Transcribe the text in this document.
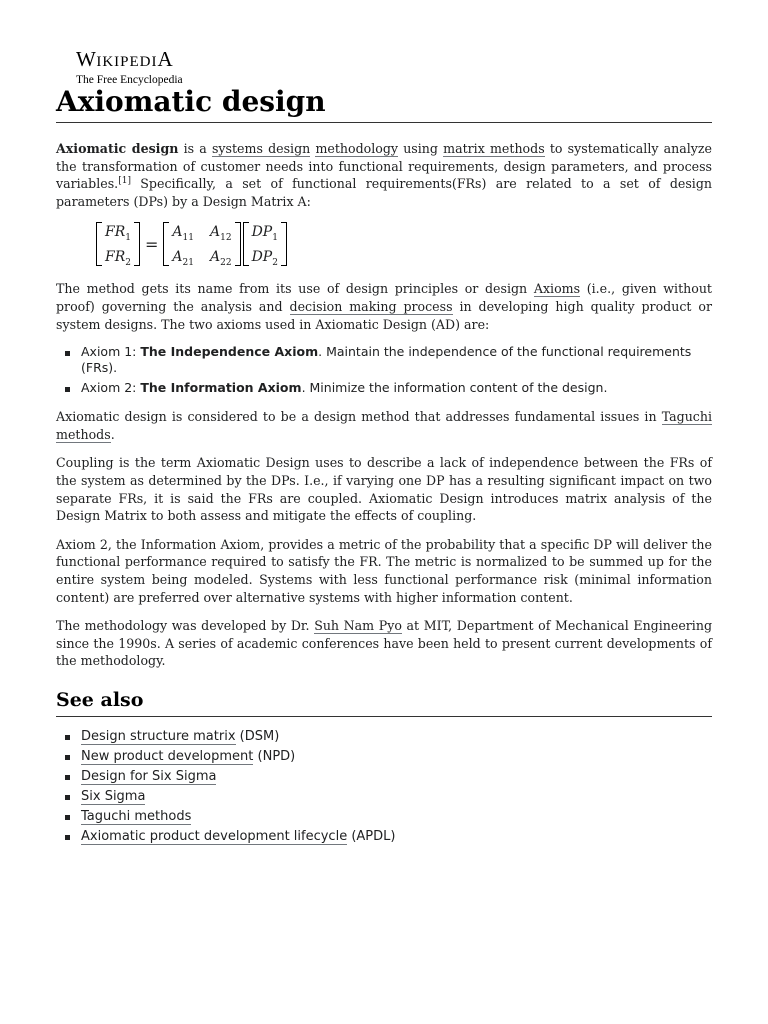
WIKIPEDIA
The Free Encyclopedia
Axiomatic design

Axiomatic design is a systems design methodology using matrix methods to systematically analyze the transformation of customer needs into functional requirements, design parameters, and process variables.[1] Specifically, a set of functional requirements(FRs) are related to a set of design parameters (DPs) by a Design Matrix A:

$FR_1$
$FR_2$
=
$A_{11}$ $A_{12}$
$A_{21}$ $A_{22}$
$DP_1$
$DP_2$

The method gets its name from its use of design principles or design Axioms (i.e., given without proof) governing the analysis and decision making process in developing high quality product or system designs. The two axioms used in Axiomatic Design (AD) are:

Axiom 1: The Independence Axiom. Maintain the independence of the functional requirements (FRs).
Axiom 2: The Information Axiom. Minimize the information content of the design.

Axiomatic design is considered to be a design method that addresses fundamental issues in Taguchi methods.

Coupling is the term Axiomatic Design uses to describe a lack of independence between the FRs of the system as determined by the DPs. I.e., if varying one DP has a resulting significant impact on two separate FRs, it is said the FRs are coupled. Axiomatic Design introduces matrix analysis of the Design Matrix to both assess and mitigate the effects of coupling.

Axiom 2, the Information Axiom, provides a metric of the probability that a specific DP will deliver the functional performance required to satisfy the FR. The metric is normalized to be summed up for the entire system being modeled. Systems with less functional performance risk (minimal information content) are preferred over alternative systems with higher information content.

The methodology was developed by Dr. Suh Nam Pyo at MIT, Department of Mechanical Engineering since the 1990s. A series of academic conferences have been held to present current developments of the methodology.

See also
Design structure matrix (DSM)
New product development (NPD)
Design for Six Sigma
Six Sigma
Taguchi methods
Axiomatic product development lifecycle (APDL)
